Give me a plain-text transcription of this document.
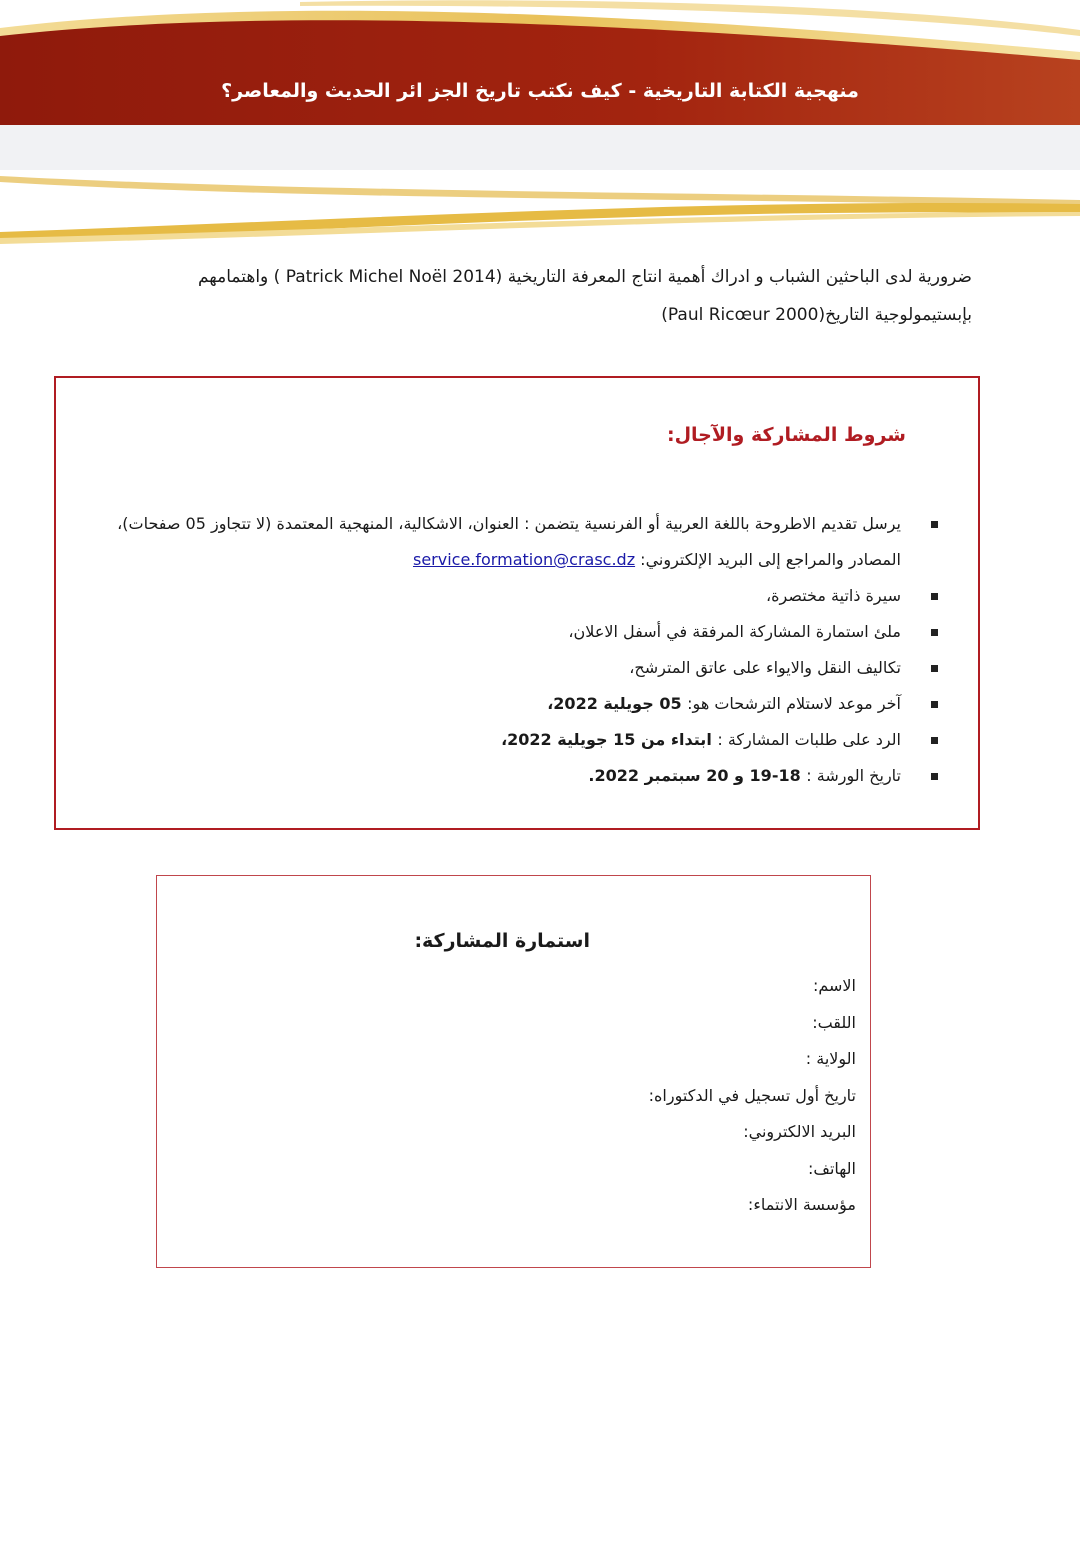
منهجية الكتابة التاريخية - كيف نكتب تاريخ الجز ائر الحديث والمعاصر؟
ضرورية لدى الباحثين الشباب و ادراك أهمية انتاج المعرفة التاريخية (Patrick Michel Noël 2014 ) واهتمامهم
بإبستيمولوجية التاريخ(Paul Ricœur 2000)
شروط المشاركة والآجال:
يرسل تقديم الاطروحة باللغة العربية أو الفرنسية يتضمن : العنوان، الاشكالية، المنهجية المعتمدة (لا تتجاوز 05 صفحات)، المصادر والمراجع إلى البريد الإلكتروني: service.formation@crasc.dz
سيرة ذاتية مختصرة،
ملئ استمارة المشاركة المرفقة في أسفل الاعلان،
تكاليف النقل والايواء على عاتق المترشح،
آخر موعد لاستلام الترشحات هو: 05 جويلية 2022،
الرد على طلبات المشاركة : ابتداء من 15 جويلية 2022،
تاريخ الورشة : 18-19 و 20 سبتمبر 2022.
استمارة المشاركة:
الاسم:
اللقب:
الولاية :
تاريخ أول تسجيل في الدكتوراه:
البريد الالكتروني:
الهاتف:
مؤسسة الانتماء:
